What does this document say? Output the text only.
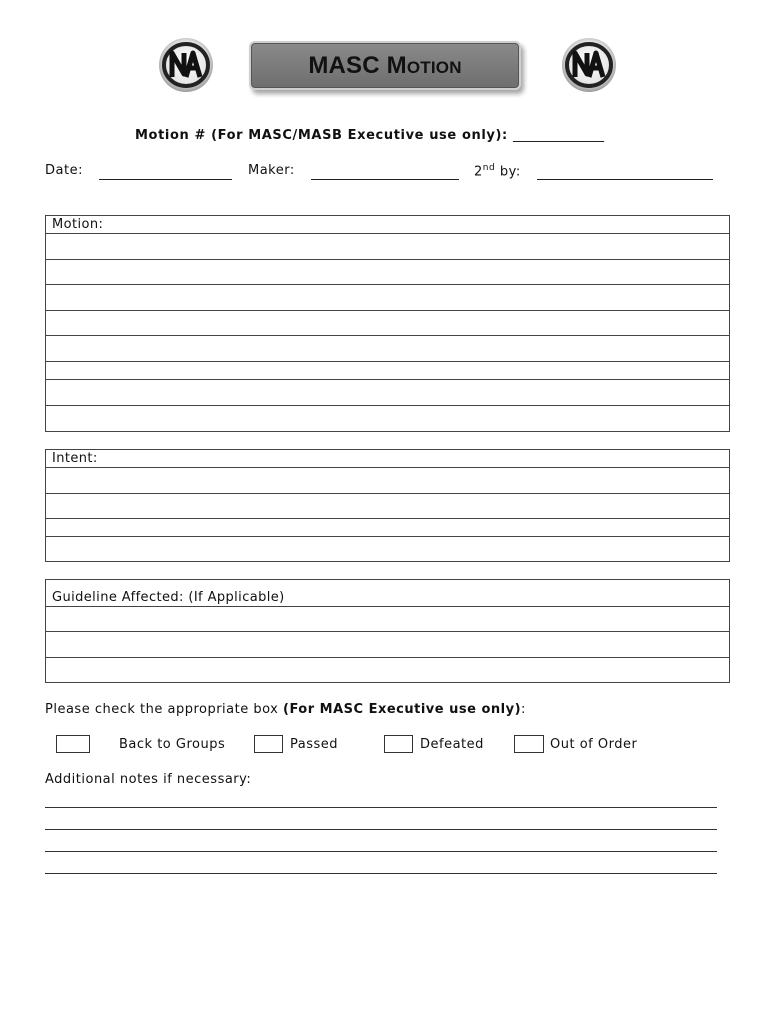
MASC Motion
Motion # (For MASC/MASB Executive use only): ______________
Date:	Maker:	2nd by:
Motion:
Intent:
Guideline Affected: (If Applicable)
Please check the appropriate box (For MASC Executive use only):
Back to Groups	Passed	Defeated	Out of Order
Additional notes if necessary:
